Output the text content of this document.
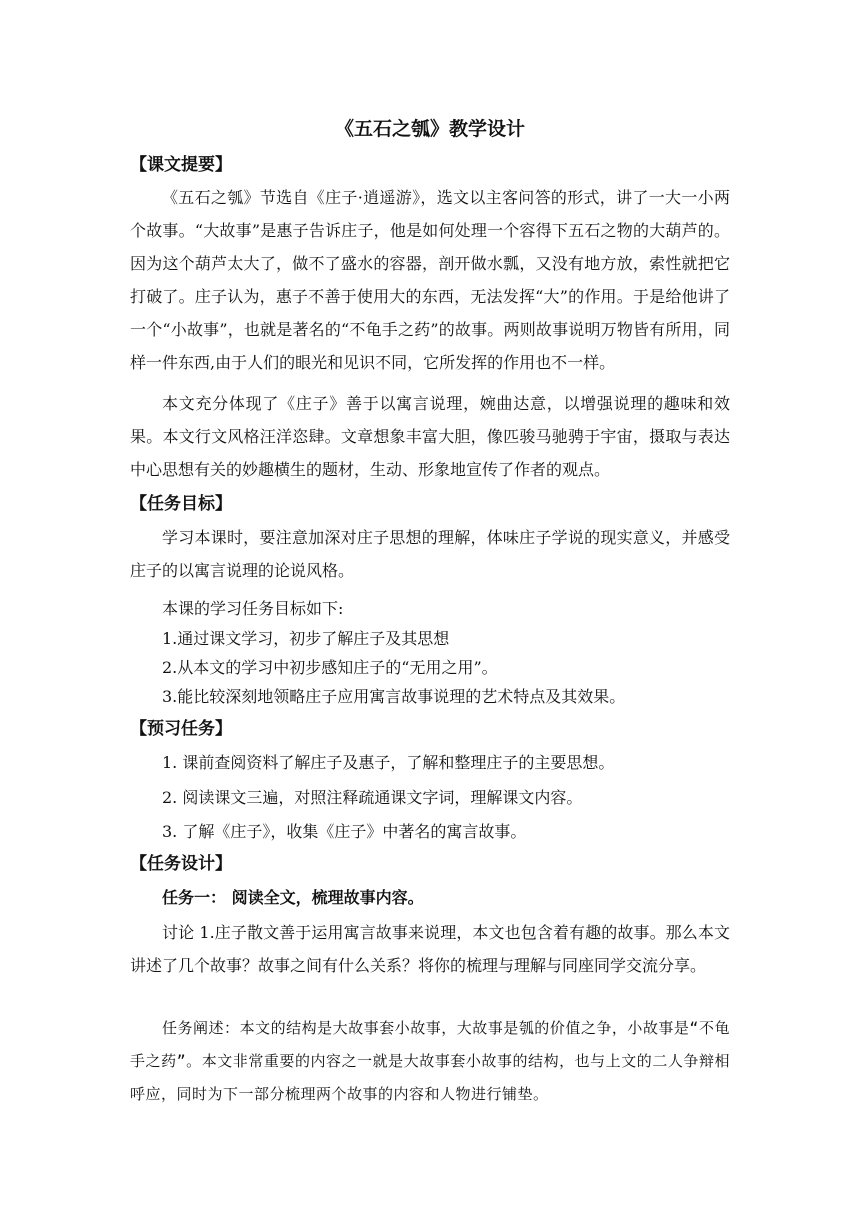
《五石之瓠》教学设计
【课文提要】

《五石之瓠》节选自《庄子·逍遥游》，选文以主客问答的形式，讲了一大一小两个故事。“大故事”是惠子告诉庄子，他是如何处理一个容得下五石之物的大葫芦的。因为这个葫芦太大了，做不了盛水的容器，剖开做水瓢，又没有地方放，索性就把它打破了。庄子认为，惠子不善于使用大的东西，无法发挥“大”的作用。于是给他讲了一个“小故事”，也就是著名的“不龟手之药”的故事。两则故事说明万物皆有所用，同样一件东西,由于人们的眼光和见识不同，它所发挥的作用也不一样。

本文充分体现了《庄子》善于以寓言说理，婉曲达意，以增强说理的趣味和效果。本文行文风格汪洋恣肆。文章想象丰富大胆，像匹骏马驰骋于宇宙，摄取与表达中心思想有关的妙趣横生的题材，生动、形象地宣传了作者的观点。

【任务目标】

学习本课时，要注意加深对庄子思想的理解，体味庄子学说的现实意义，并感受庄子的以寓言说理的论说风格。

本课的学习任务目标如下:
1.通过课文学习，初步了解庄子及其思想
2.从本文的学习中初步感知庄子的“无用之用”。
3.能比较深刻地领略庄子应用寓言故事说理的艺术特点及其效果。
【预习任务】
1. 课前查阅资料了解庄子及惠子，了解和整理庄子的主要思想。
2. 阅读课文三遍，对照注释疏通课文字词，理解课文内容。
3. 了解《庄子》，收集《庄子》中著名的寓言故事。
【任务设计】
任务一： 阅读全文，梳理故事内容。

讨论 1.庄子散文善于运用寓言故事来说理，本文也包含着有趣的故事。那么本文讲述了几个故事？故事之间有什么关系？将你的梳理与理解与同座同学交流分享。

任务阐述：本文的结构是大故事套小故事，大故事是瓠的价值之争，小故事是“不龟手之药”。本文非常重要的内容之一就是大故事套小故事的结构，也与上文的二人争辩相呼应，同时为下一部分梳理两个故事的内容和人物进行铺垫。
